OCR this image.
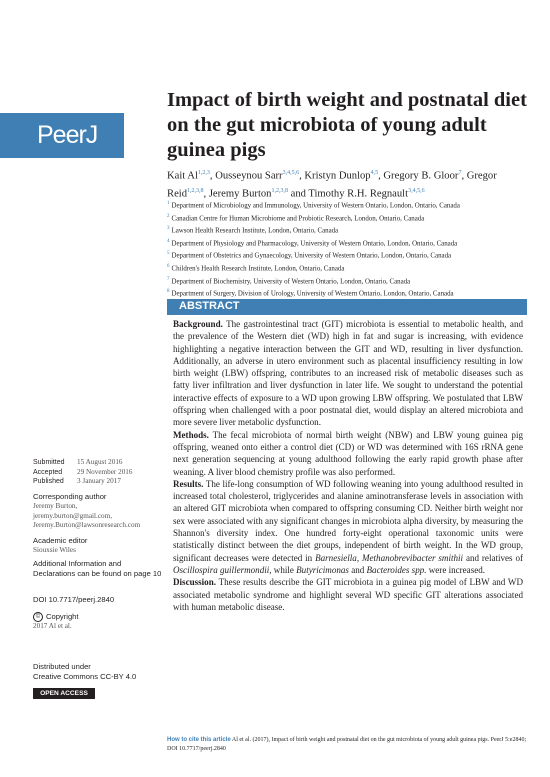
PeerJ
Impact of birth weight and postnatal diet on the gut microbiota of young adult guinea pigs
Kait Al$^{1,2,3}$, Ousseynou Sarr$^{3,4,5,6}$, Kristyn Dunlop$^{4,5}$, Gregory B. Gloor$^7$, Gregor Reid$^{1,2,3,8}$, Jeremy Burton$^{1,2,3,8}$ and Timothy R.H. Regnault$^{3,4,5,6}$
$^1$ Department of Microbiology and Immunology, University of Western Ontario, London, Ontario, Canada
$^2$ Canadian Centre for Human Microbiome and Probiotic Research, London, Ontario, Canada
$^3$ Lawson Health Research Institute, London, Ontario, Canada
$^4$ Department of Physiology and Pharmacology, University of Western Ontario, London, Ontario, Canada
$^5$ Department of Obstetrics and Gynaecology, University of Western Ontario, London, Ontario, Canada
$^6$ Children's Health Research Institute, London, Ontario, Canada
$^7$ Department of Biochemistry, University of Western Ontario, London, Ontario, Canada
$^8$ Department of Surgery, Division of Urology, University of Western Ontario, London, Ontario, Canada
ABSTRACT

Background. The gastrointestinal tract (GIT) microbiota is essential to metabolic health, and the prevalence of the Western diet (WD) high in fat and sugar is increasing, with evidence highlighting a negative interaction between the GIT and WD, resulting in liver dysfunction. Additionally, an adverse in utero environment such as placental insufficiency resulting in low birth weight (LBW) offspring, contributes to an increased risk of metabolic diseases such as fatty liver infiltration and liver dysfunction in later life. We sought to understand the potential interactive effects of exposure to a WD upon growing LBW offspring. We postulated that LBW offspring when challenged with a poor postnatal diet, would display an altered microbiota and more severe liver metabolic dysfunction.

Methods. The fecal microbiota of normal birth weight (NBW) and LBW young guinea pig offspring, weaned onto either a control diet (CD) or WD was determined with 16S rRNA gene next generation sequencing at young adulthood following the early rapid growth phase after weaning. A liver blood chemistry profile was also performed.

Results. The life-long consumption of WD following weaning into young adulthood resulted in increased total cholesterol, triglycerides and alanine aminotransferase levels in association with an altered GIT microbiota when compared to offspring consuming CD. Neither birth weight nor sex were associated with any significant changes in microbiota alpha diversity, by measuring the Shannon's diversity index. One hundred forty-eight operational taxonomic units were statistically distinct between the diet groups, independent of birth weight. In the WD group, significant decreases were detected in Barnesiella, Methanobrevibacter smithii and relatives of Oscillospira guillermondii, while Butyricimonas and Bacteroides spp. were increased.

Discussion. These results describe the GIT microbiota in a guinea pig model of LBW and WD associated metabolic syndrome and highlight several WD specific GIT alterations associated with human metabolic disease.

Submitted 15 August 2016
Accepted 29 November 2016
Published 3 January 2017
Corresponding author
Jeremy Burton,
jeremy.burton@gmail.com,
Jeremy.Burton@lawsonresearch.com
Academic editor
Siouxsie Wiles
Additional Information and Declarations can be found on page 10
DOI 10.7717/peerj.2840
© Copyright
2017 Al et al.
Distributed under
Creative Commons CC-BY 4.0
OPEN ACCESS
How to cite this article Al et al. (2017), Impact of birth weight and postnatal diet on the gut microbiota of young adult guinea pigs. PeerJ 5:e2840; DOI 10.7717/peerj.2840
